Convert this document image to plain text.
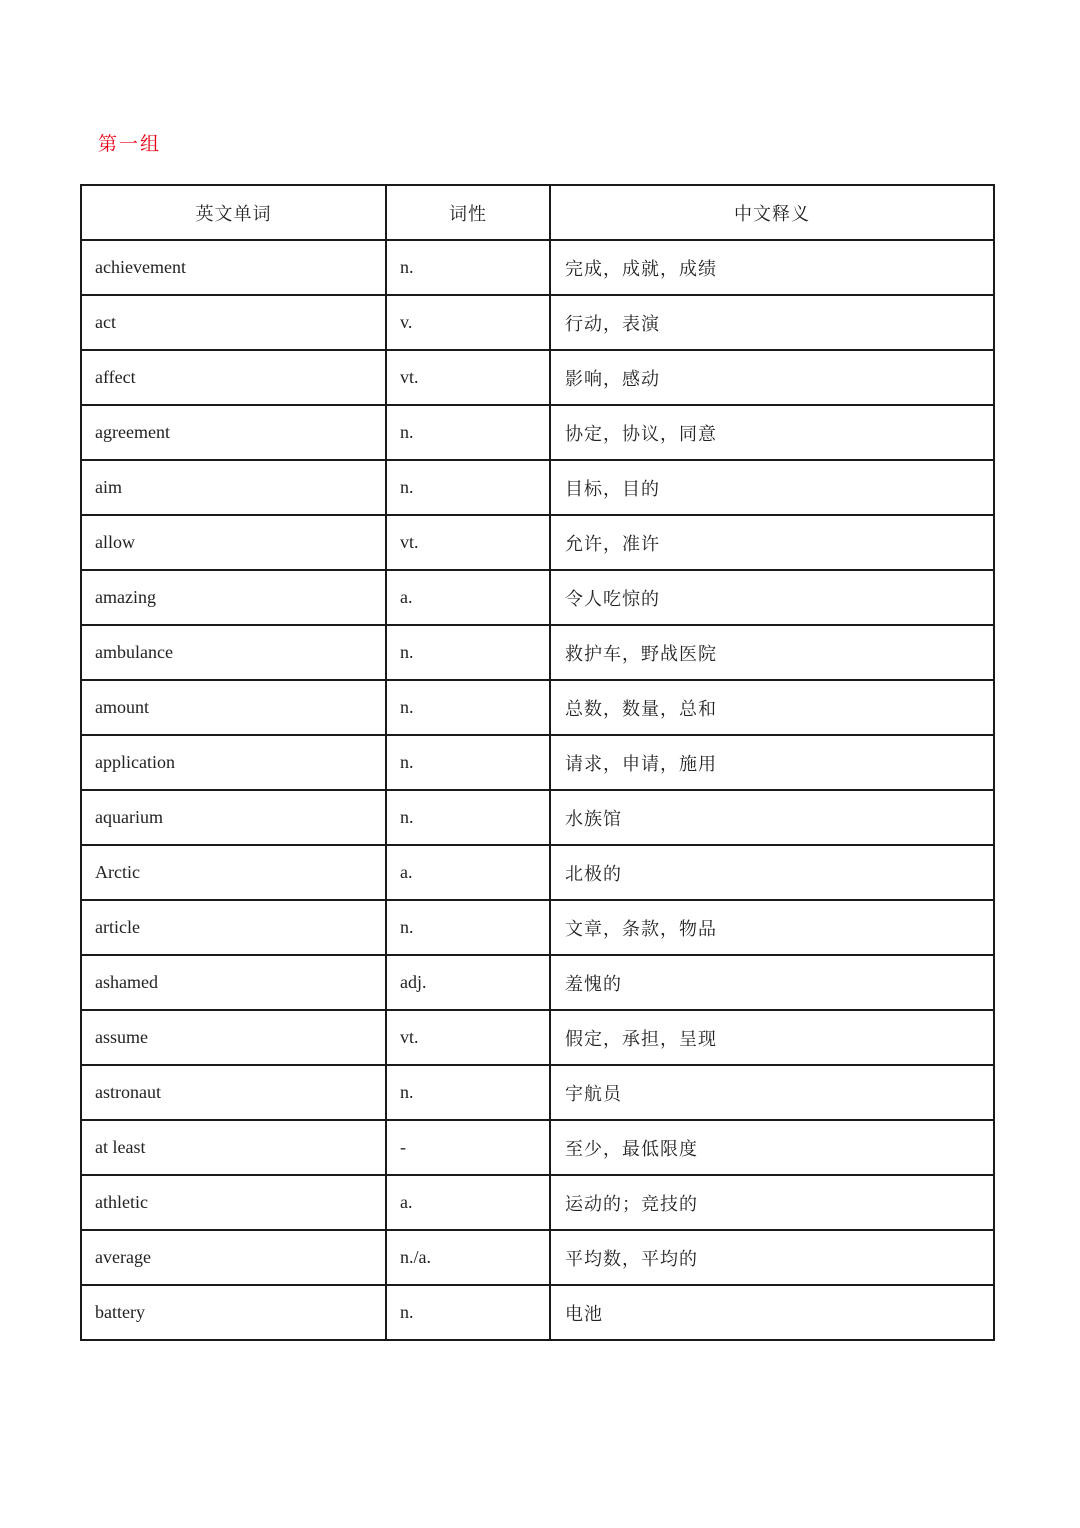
第一组
英文单词	词性	中文释义
achievement	n.	完成，成就，成绩
act	v.	行动，表演
affect	vt.	影响，感动
agreement	n.	协定，协议，同意
aim	n.	目标，目的
allow	vt.	允许，准许
amazing	a.	令人吃惊的
ambulance	n.	救护车，野战医院
amount	n.	总数，数量，总和
application	n.	请求，申请，施用
aquarium	n.	水族馆
Arctic	a.	北极的
article	n.	文章，条款，物品
ashamed	adj.	羞愧的
assume	vt.	假定，承担，呈现
astronaut	n.	宇航员
at least	-	至少，最低限度
athletic	a.	运动的；竞技的
average	n./a.	平均数，平均的
battery	n.	电池
